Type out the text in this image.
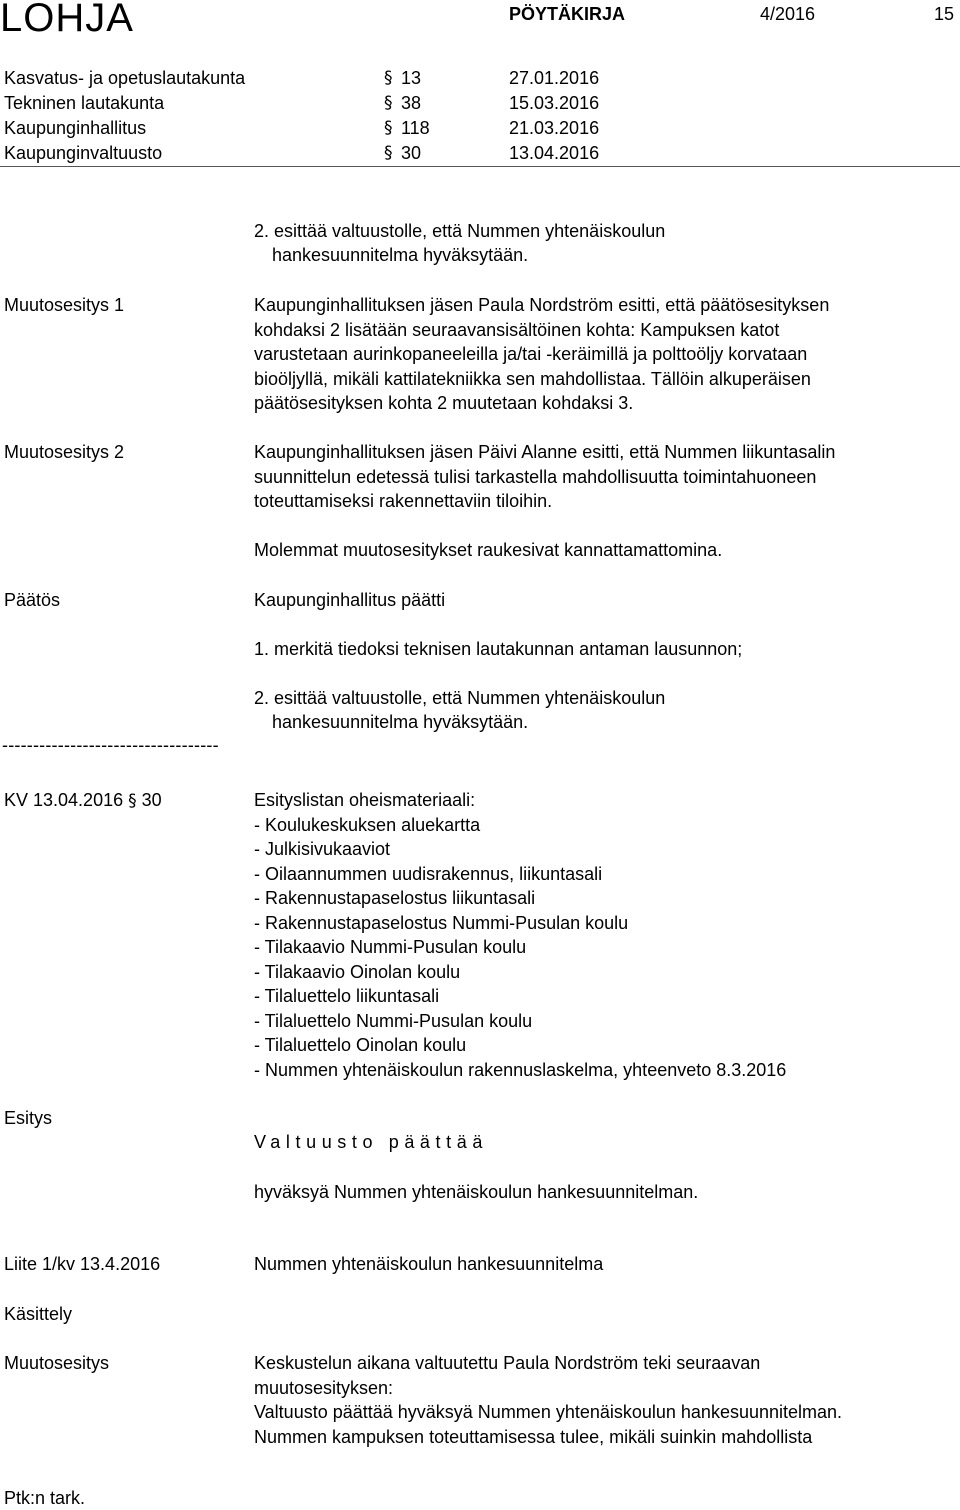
LOHJA	PÖYTÄKIRJA	4/2016	15
Kasvatus- ja opetuslautakunta	§ 13	27.01.2016
Tekninen lautakunta	§ 38	15.03.2016
Kaupunginhallitus	§ 118	21.03.2016
Kaupunginvaltuusto	§ 30	13.04.2016
2. esittää valtuustolle, että Nummen yhtenäiskoulun
hankesuunnitelma hyväksytään.
Muutosesitys 1	Kaupunginhallituksen jäsen Paula Nordström esitti, että päätösesityksen
kohdaksi 2 lisätään seuraavansisältöinen kohta: Kampuksen katot
varustetaan aurinkopaneeleilla ja/tai -keräimillä ja polttoöljy korvataan
bioöljyllä, mikäli kattilatekniikka sen mahdollistaa. Tällöin alkuperäisen
päätösesityksen kohta 2 muutetaan kohdaksi 3.
Muutosesitys 2	Kaupunginhallituksen jäsen Päivi Alanne esitti, että Nummen liikuntasalin
suunnittelun edetessä tulisi tarkastella mahdollisuutta toimintahuoneen
toteuttamiseksi rakennettaviin tiloihin.
Molemmat muutosesitykset raukesivat kannattamattomina.
Päätös	Kaupunginhallitus päätti
1. merkitä tiedoksi teknisen lautakunnan antaman lausunnon;
2. esittää valtuustolle, että Nummen yhtenäiskoulun
hankesuunnitelma hyväksytään.
-----------------------------------
KV 13.04.2016 § 30	Esityslistan oheismateriaali:
- Koulukeskuksen aluekartta
- Julkisivukaaviot
- Oilaannummen uudisrakennus, liikuntasali
- Rakennustapaselostus liikuntasali
- Rakennustapaselostus Nummi-Pusulan koulu
- Tilakaavio Nummi-Pusulan koulu
- Tilakaavio Oinolan koulu
- Tilaluettelo liikuntasali
- Tilaluettelo Nummi-Pusulan koulu
- Tilaluettelo Oinolan koulu
- Nummen yhtenäiskoulun rakennuslaskelma, yhteenveto 8.3.2016
Esitys
Valtuusto päättää
hyväksyä Nummen yhtenäiskoulun hankesuunnitelman.
Liite 1/kv 13.4.2016	Nummen yhtenäiskoulun hankesuunnitelma
Käsittely
Muutosesitys	Keskustelun aikana valtuutettu Paula Nordström teki seuraavan
muutosesityksen:
Valtuusto päättää hyväksyä Nummen yhtenäiskoulun hankesuunnitelman.
Nummen kampuksen toteuttamisessa tulee, mikäli suinkin mahdollista
Ptk:n tark.
